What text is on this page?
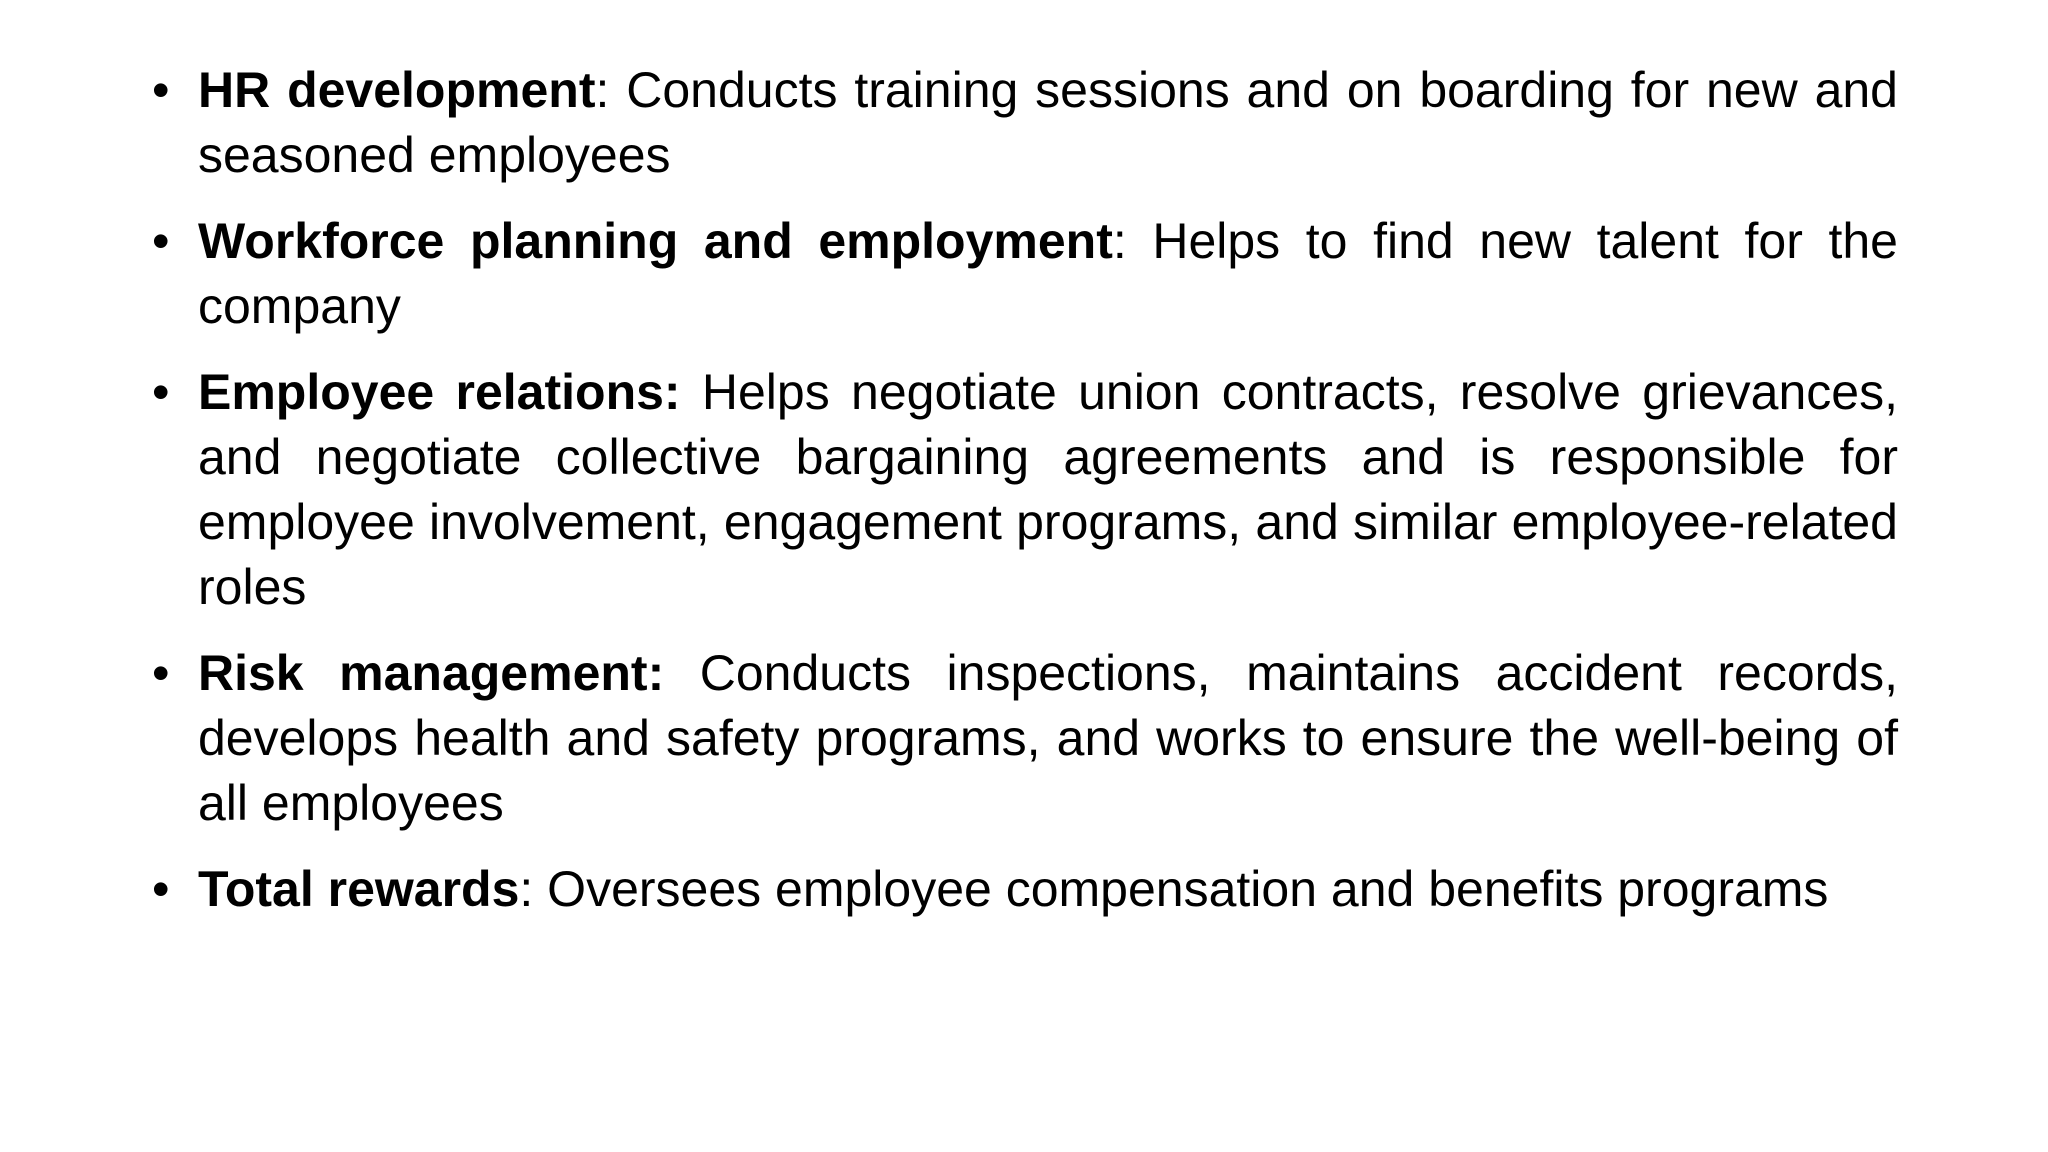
• HR development: Conducts training sessions and on boarding for new and seasoned employees
• Workforce planning and employment: Helps to find new talent for the company
• Employee relations: Helps negotiate union contracts, resolve grievances, and negotiate collective bargaining agreements and is responsible for employee involvement, engagement programs, and similar employee-related roles
• Risk management: Conducts inspections, maintains accident records, develops health and safety programs, and works to ensure the well-being of all employees
• Total rewards: Oversees employee compensation and benefits programs
